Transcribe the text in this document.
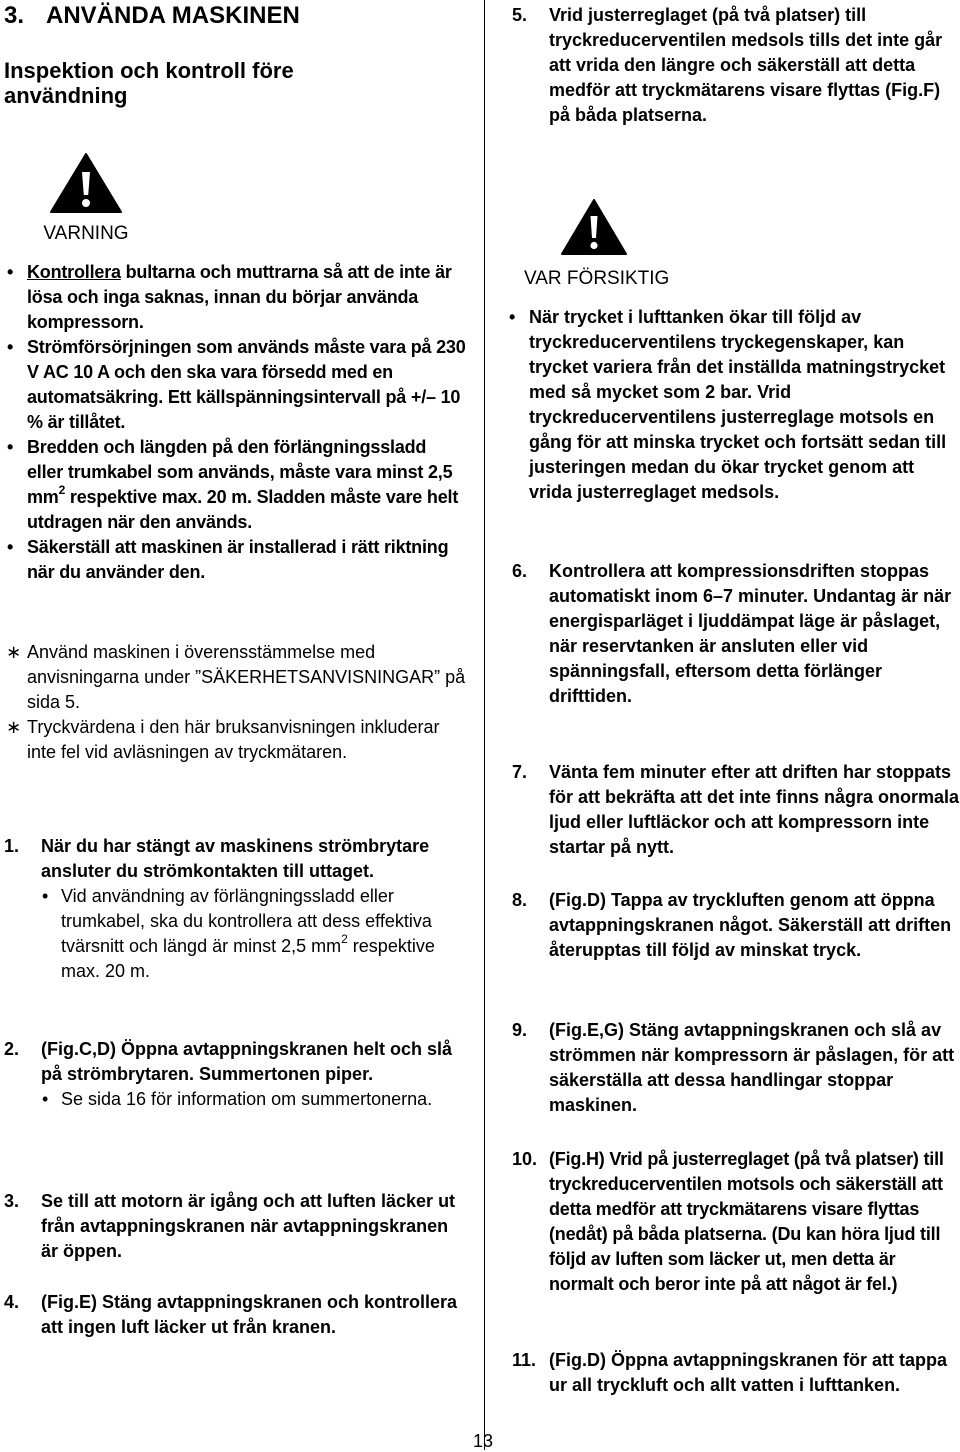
3. ANVÄNDA MASKINEN
Inspektion och kontroll före användning
VARNING
• Kontrollera bultarna och muttrarna så att de inte är lösa och inga saknas, innan du börjar använda kompressorn.
• Strömförsörjningen som används måste vara på 230 V AC 10 A och den ska vara försedd med en automatsäkring. Ett källspänningsintervall på +/– 10 % är tillåtet.
• Bredden och längden på den förlängningssladd eller trumkabel som används, måste vara minst 2,5 $mm^2$ respektive max. 20 m. Sladden måste vare helt utdragen när den används.
• Säkerställ att maskinen är installerad i rätt riktning när du använder den.
∗ Använd maskinen i överensstämmelse med anvisningarna under ”SÄKERHETSANVISNINGAR” på sida 5.
∗ Tryckvärdena i den här bruksanvisningen inkluderar inte fel vid avläsningen av tryckmätaren.
1. När du har stängt av maskinens strömbrytare ansluter du strömkontakten till uttaget.
• Vid användning av förlängningssladd eller trumkabel, ska du kontrollera att dess effektiva tvärsnitt och längd är minst 2,5 $mm^2$ respektive max. 20 m.
2. (Fig.C,D) Öppna avtappningskranen helt och slå på strömbrytaren. Summertonen piper.
• Se sida 16 för information om summertonerna.
3. Se till att motorn är igång och att luften läcker ut från avtappningskranen när avtappningskranen är öppen.
4. (Fig.E) Stäng avtappningskranen och kontrollera att ingen luft läcker ut från kranen.
5. Vrid justerreglaget (på två platser) till tryckreducerventilen medsols tills det inte går att vrida den längre och säkerställ att detta medför att tryckmätarens visare flyttas (Fig.F) på båda platserna.
VAR FÖRSIKTIG
• När trycket i lufttanken ökar till följd av tryckreducerventilens tryckegenskaper, kan trycket variera från det inställda matningstrycket med så mycket som 2 bar. Vrid tryckreducerventilens justerreglage motsols en gång för att minska trycket och fortsätt sedan till justeringen medan du ökar trycket genom att vrida justerreglaget medsols.
6. Kontrollera att kompressionsdriften stoppas automatiskt inom 6–7 minuter. Undantag är när energisparläget i ljuddämpat läge är påslaget, när reservtanken är ansluten eller vid spänningsfall, eftersom detta förlänger drifttiden.
7. Vänta fem minuter efter att driften har stoppats för att bekräfta att det inte finns några onormala ljud eller luftläckor och att kompressorn inte startar på nytt.
8. (Fig.D) Tappa av tryckluften genom att öppna avtappningskranen något. Säkerställ att driften återupptas till följd av minskat tryck.
9. (Fig.E,G) Stäng avtappningskranen och slå av strömmen när kompressorn är påslagen, för att säkerställa att dessa handlingar stoppar maskinen.
10. (Fig.H) Vrid på justerreglaget (på två platser) till tryckreducerventilen motsols och säkerställ att detta medför att tryckmätarens visare flyttas (nedåt) på båda platserna. (Du kan höra ljud till följd av luften som läcker ut, men detta är normalt och beror inte på att något är fel.)
11. (Fig.D) Öppna avtappningskranen för att tappa ur all tryckluft och allt vatten i lufttanken.
13
